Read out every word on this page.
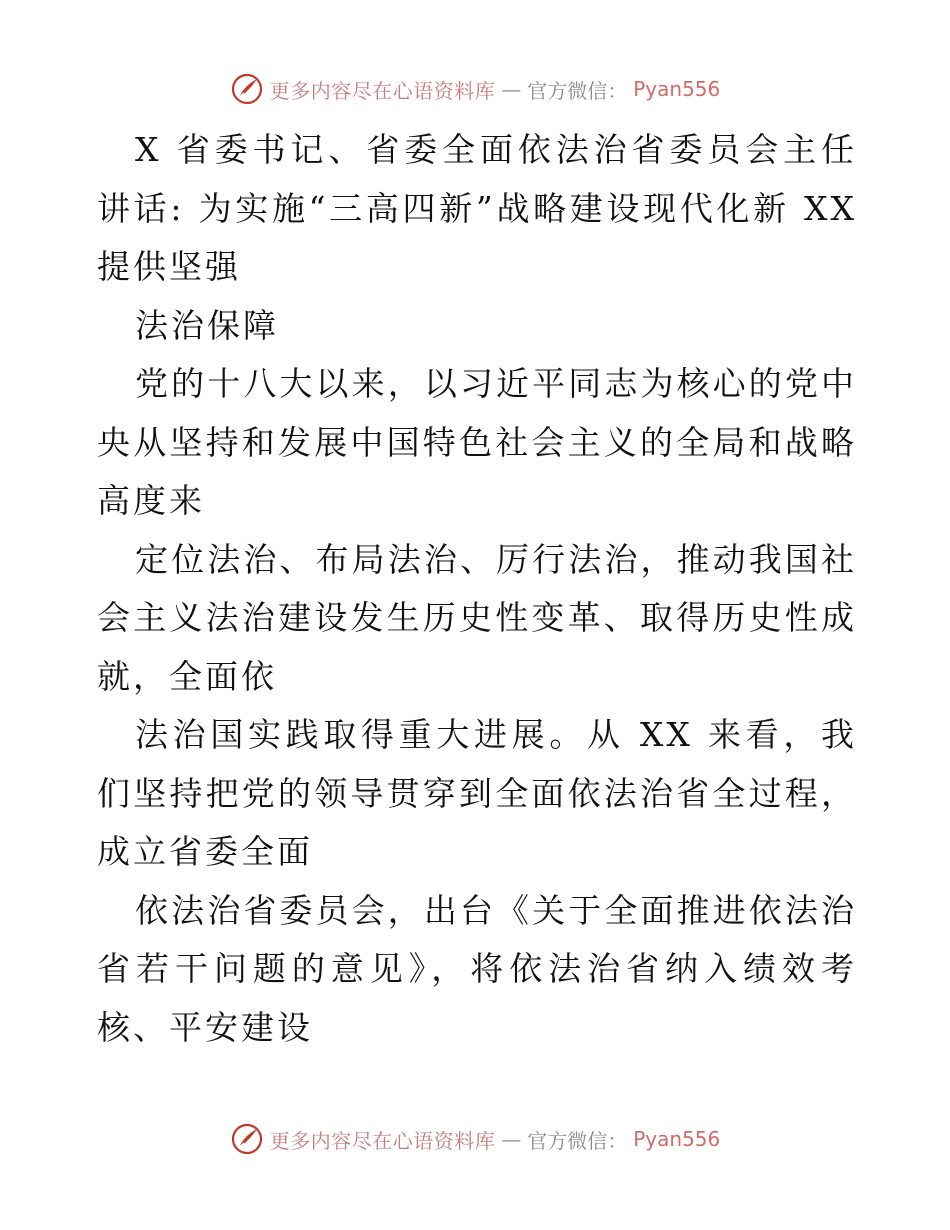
更多内容尽在心语资料库 — 官方微信： Pyan556

X 省委书记、省委全面依法治省委员会主任讲话: 为实施“三高四新”战略建设现代化新 XX 提供坚强

法治保障

党的十八大以来，以习近平同志为核心的党中央从坚持和发展中国特色社会主义的全局和战略高度来

定位法治、布局法治、厉行法治，推动我国社会主义法治建设发生历史性变革、取得历史性成就，全面依

法治国实践取得重大进展。从 XX 来看，我们坚持把党的领导贯穿到全面依法治省全过程，成立省委全面

依法治省委员会，出台《关于全面推进依法治省若干问题的意见》，将依法治省纳入绩效考核、平安建设

更多内容尽在心语资料库 — 官方微信： Pyan556
